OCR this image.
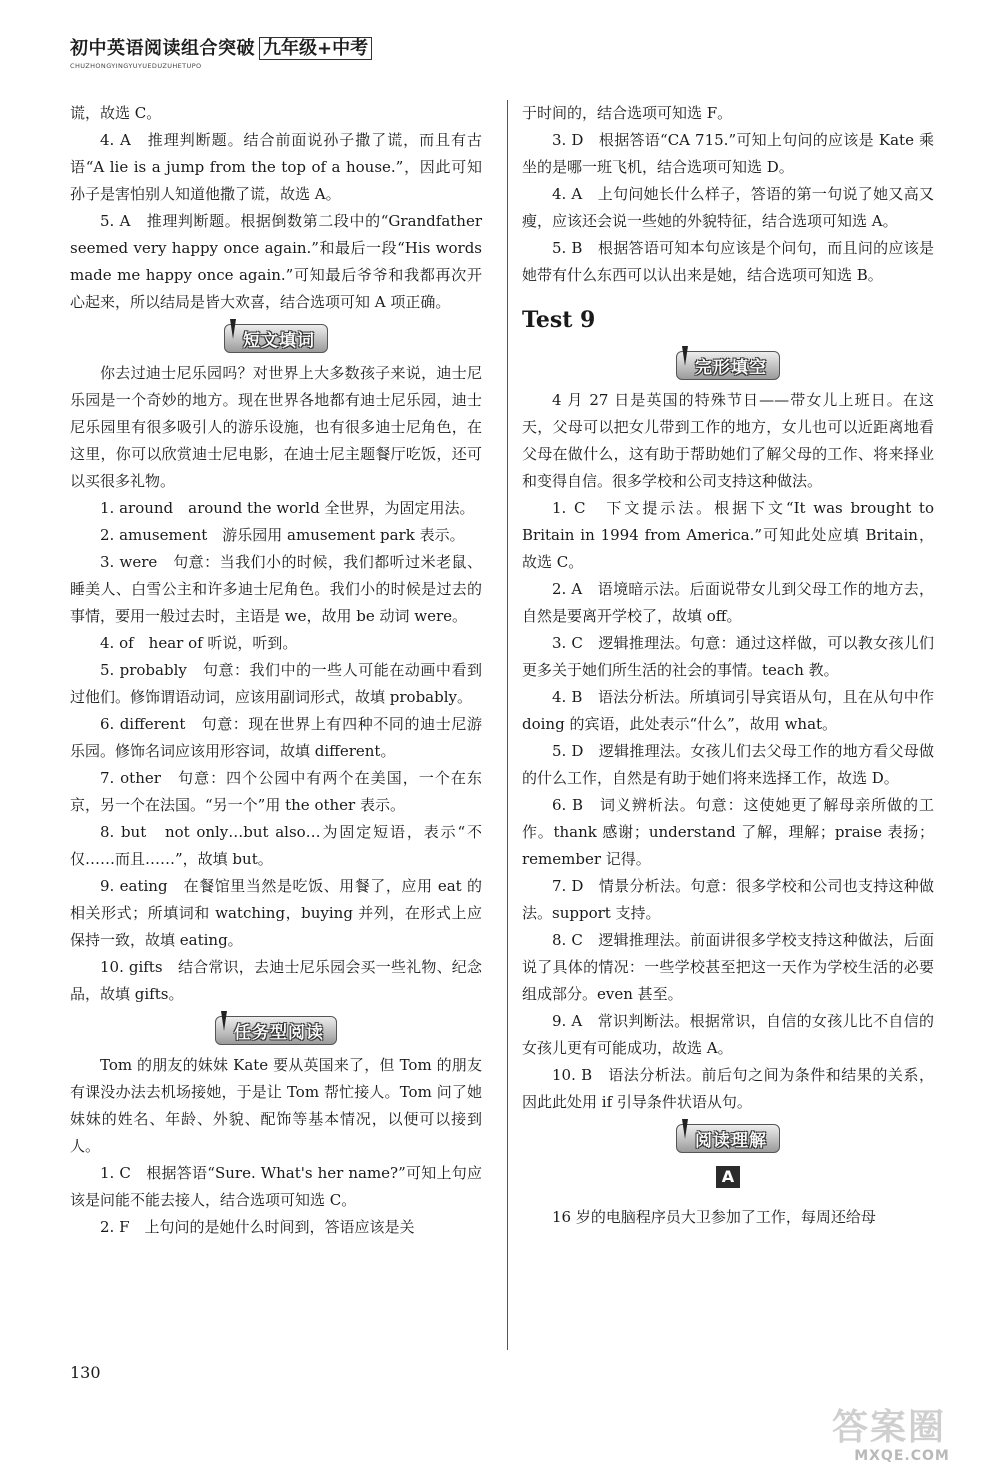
初中英语阅读组合突破 九年级+中考
CHUZHONGYINGYUYUEDUZUHETUPO

谎，故选 C。

4. A　推理判断题。结合前面说孙子撒了谎，而且有古语“A lie is a jump from the top of a house.”，因此可知孙子是害怕别人知道他撒了谎，故选 A。

5. A　推理判断题。根据倒数第二段中的“Grandfather seemed very happy once again.”和最后一段“His words made me happy once again.”可知最后爷爷和我都再次开心起来，所以结局是皆大欢喜，结合选项可知 A 项正确。

短文填词

你去过迪士尼乐园吗？对世界上大多数孩子来说，迪士尼乐园是一个奇妙的地方。现在世界各地都有迪士尼乐园，迪士尼乐园里有很多吸引人的游乐设施，也有很多迪士尼角色，在这里，你可以欣赏迪士尼电影，在迪士尼主题餐厅吃饭，还可以买很多礼物。

1. around　around the world 全世界，为固定用法。

2. amusement　游乐园用 amusement park 表示。

3. were　句意：当我们小的时候，我们都听过米老鼠、睡美人、白雪公主和许多迪士尼角色。我们小的时候是过去的事情，要用一般过去时，主语是 we，故用 be 动词 were。

4. of　hear of 听说，听到。

5. probably　句意：我们中的一些人可能在动画中看到过他们。修饰谓语动词，应该用副词形式，故填 probably。

6. different　句意：现在世界上有四种不同的迪士尼游乐园。修饰名词应该用形容词，故填 different。

7. other　句意：四个公园中有两个在美国，一个在东京，另一个在法国。“另一个”用 the other 表示。

8. but　not only…but also…为固定短语，表示“不仅……而且……”，故填 but。

9. eating　在餐馆里当然是吃饭、用餐了，应用 eat 的相关形式；所填词和 watching，buying 并列，在形式上应保持一致，故填 eating。

10. gifts　结合常识，去迪士尼乐园会买一些礼物、纪念品，故填 gifts。

任务型阅读

Tom 的朋友的妹妹 Kate 要从英国来了，但 Tom 的朋友有课没办法去机场接她，于是让 Tom 帮忙接人。Tom 问了她妹妹的姓名、年龄、外貌、配饰等基本情况，以便可以接到人。

1. C　根据答语“Sure. What's her name?”可知上句应该是问能不能去接人，结合选项可知选 C。

2. F　上句问的是她什么时间到，答语应该是关

于时间的，结合选项可知选 F。

3. D　根据答语“CA 715.”可知上句问的应该是 Kate 乘坐的是哪一班飞机，结合选项可知选 D。

4. A　上句问她长什么样子，答语的第一句说了她又高又瘦，应该还会说一些她的外貌特征，结合选项可知选 A。

5. B　根据答语可知本句应该是个问句，而且问的应该是她带有什么东西可以认出来是她，结合选项可知选 B。

Test 9
完形填空

4 月 27 日是英国的特殊节日——带女儿上班日。在这天，父母可以把女儿带到工作的地方，女儿也可以近距离地看父母在做什么，这有助于帮助她们了解父母的工作、将来择业和变得自信。很多学校和公司支持这种做法。

1. C　下文提示法。根据下文“It was brought to Britain in 1994 from America.”可知此处应填 Britain，故选 C。

2. A　语境暗示法。后面说带女儿到父母工作的地方去，自然是要离开学校了，故填 off。

3. C　逻辑推理法。句意：通过这样做，可以教女孩儿们更多关于她们所生活的社会的事情。teach 教。

4. B　语法分析法。所填词引导宾语从句，且在从句中作 doing 的宾语，此处表示“什么”，故用 what。

5. D　逻辑推理法。女孩儿们去父母工作的地方看父母做的什么工作，自然是有助于她们将来选择工作，故选 D。

6. B　词义辨析法。句意：这使她更了解母亲所做的工作。thank 感谢；understand 了解，理解；praise 表扬；remember 记得。

7. D　情景分析法。句意：很多学校和公司也支持这种做法。support 支持。

8. C　逻辑推理法。前面讲很多学校支持这种做法，后面说了具体的情况：一些学校甚至把这一天作为学校生活的必要组成部分。even 甚至。

9. A　常识判断法。根据常识，自信的女孩儿比不自信的女孩儿更有可能成功，故选 A。

10. B　语法分析法。前后句之间为条件和结果的关系，因此此处用 if 引导条件状语从句。

阅读理解
A

16 岁的电脑程序员大卫参加了工作，每周还给母

130
答案圈
MXQE.COM
